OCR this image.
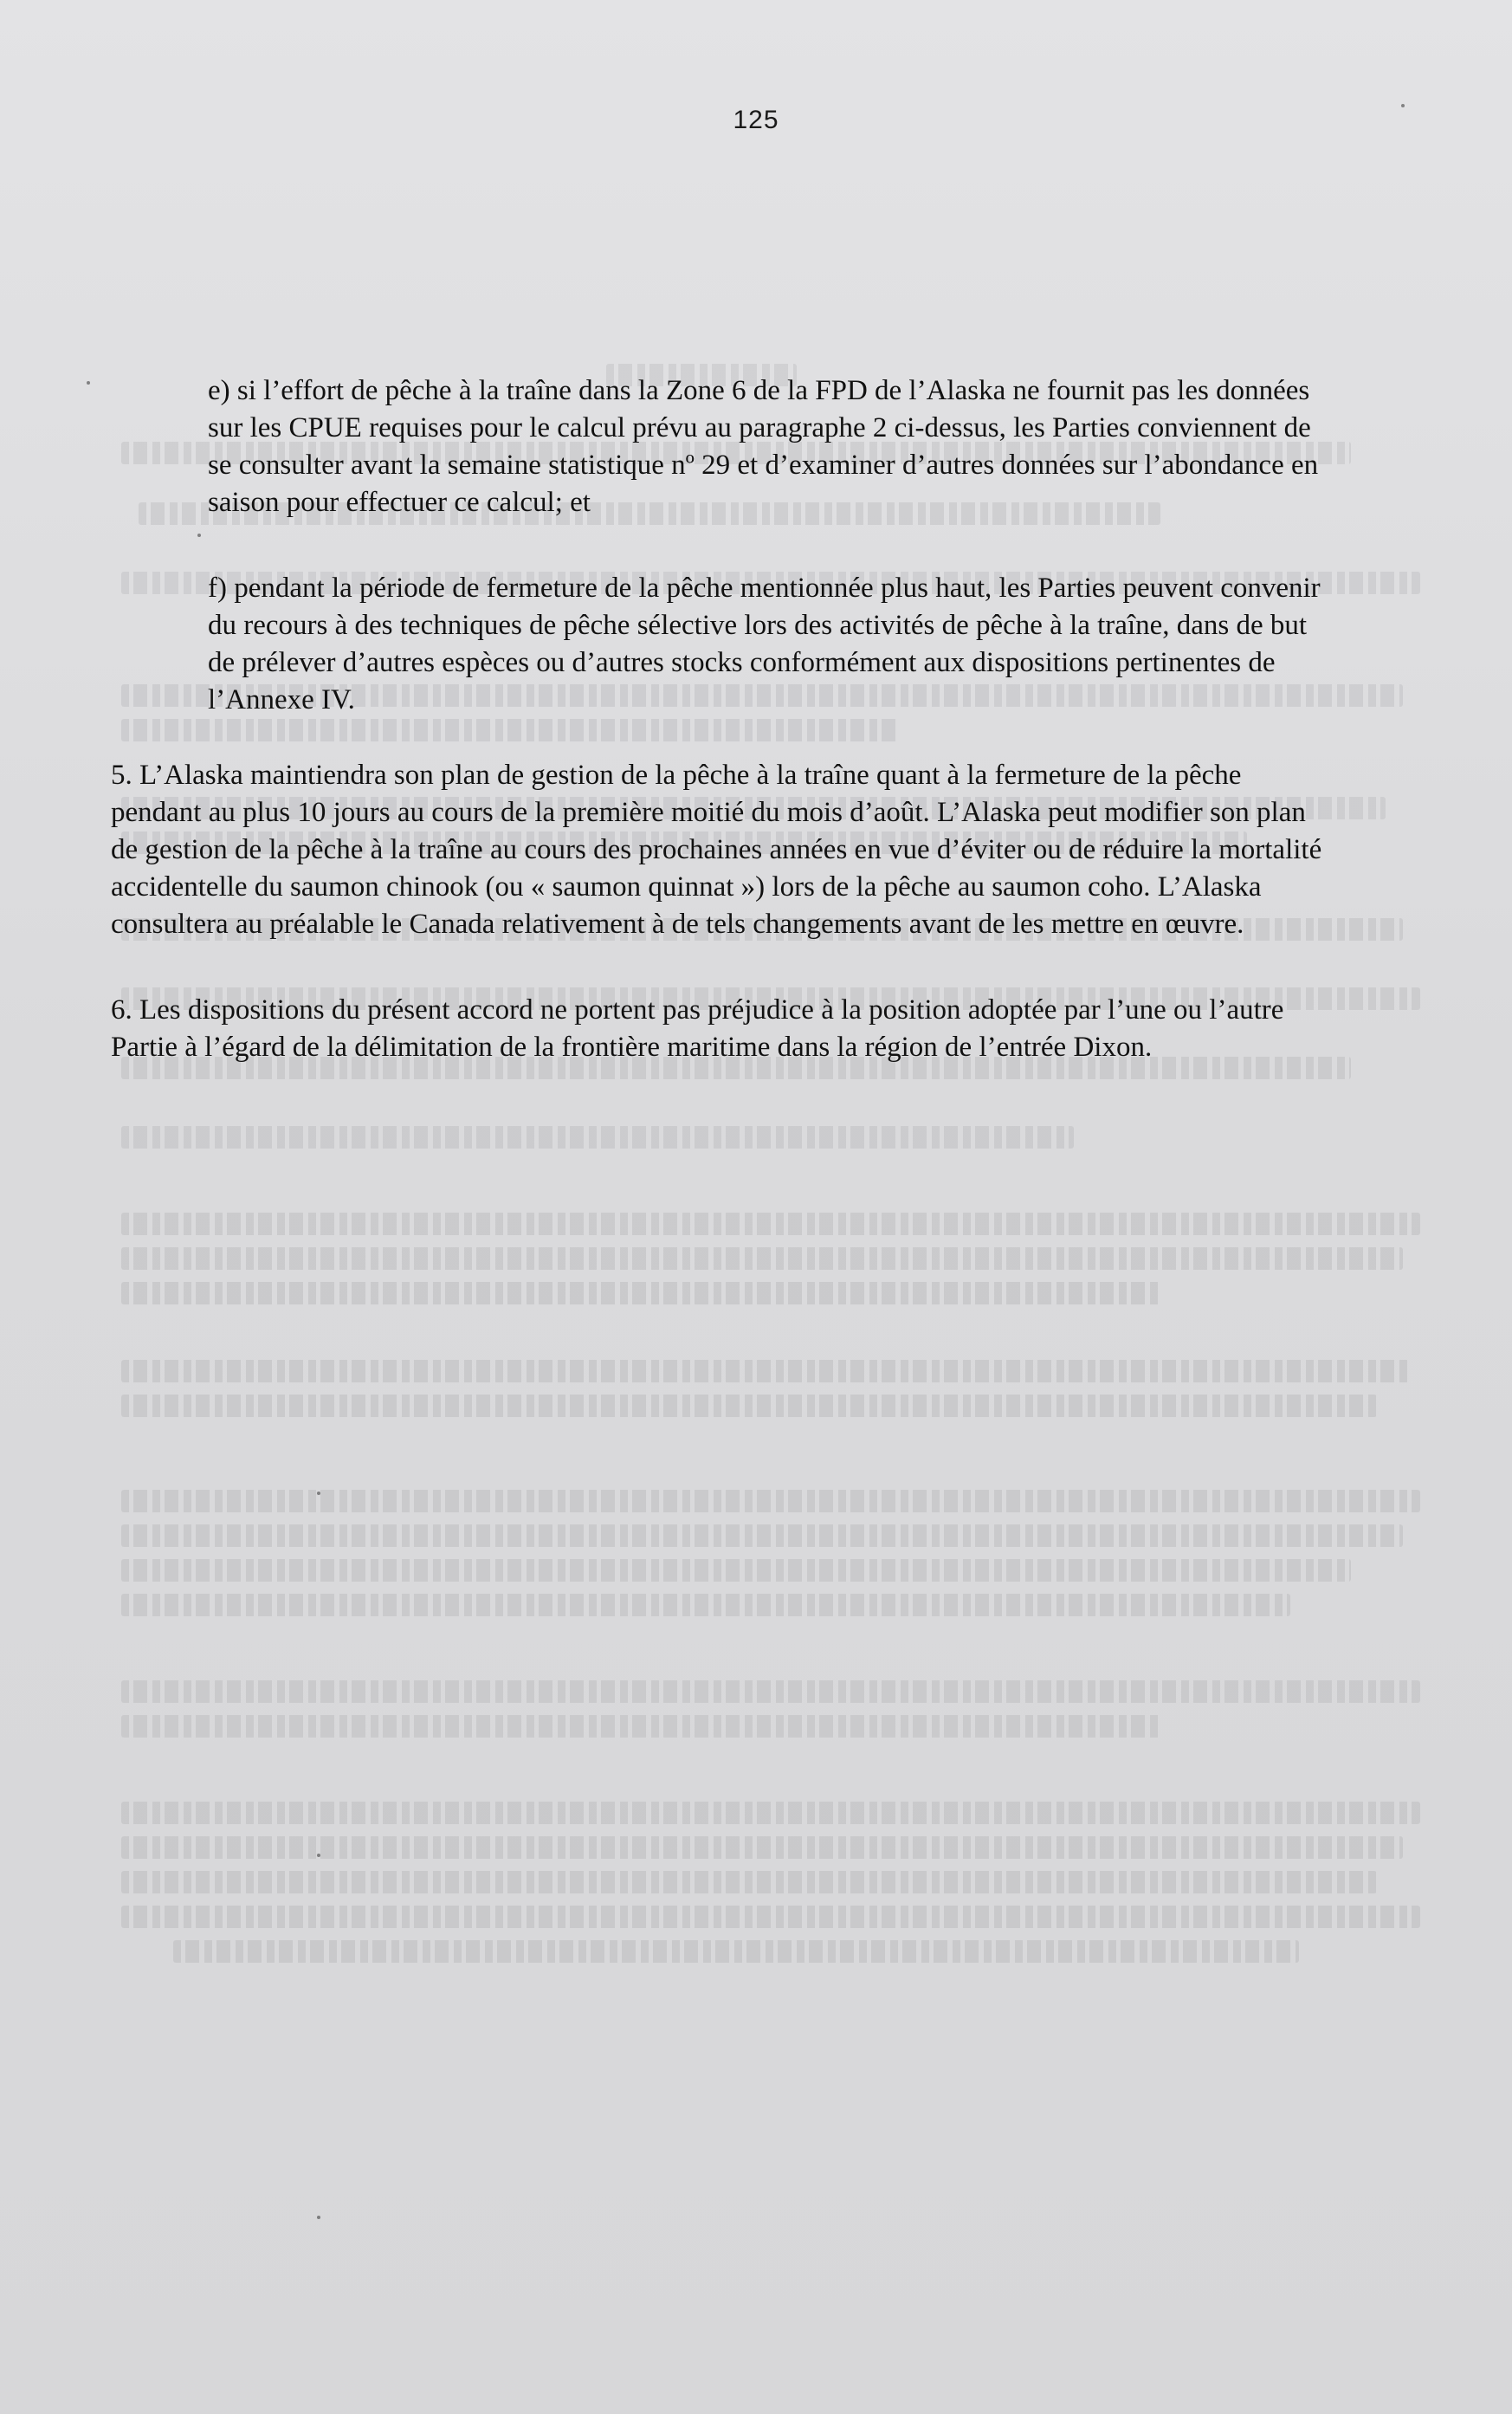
125

e) si l’effort de pêche à la traîne dans la Zone 6 de la FPD de l’Alaska ne fournit pas les données sur les CPUE requises pour le calcul prévu au paragraphe 2 ci-dessus, les Parties conviennent de se consulter avant la semaine statistique nº 29 et d’examiner d’autres données sur l’abondance en saison pour effectuer ce calcul; et

f) pendant la période de fermeture de la pêche mentionnée plus haut, les Parties peuvent convenir du recours à des techniques de pêche sélective lors des activités de pêche à la traîne, dans de but de prélever d’autres espèces ou d’autres stocks conformément aux dispositions pertinentes de l’Annexe IV.

5. L’Alaska maintiendra son plan de gestion de la pêche à la traîne quant à la fermeture de la pêche pendant au plus 10 jours au cours de la première moitié du mois d’août. L’Alaska peut modifier son plan de gestion de la pêche à la traîne au cours des prochaines années en vue d’éviter ou de réduire la mortalité accidentelle du saumon chinook (ou « saumon quinnat ») lors de la pêche au saumon coho. L’Alaska consultera au préalable le Canada relativement à de tels changements avant de les mettre en œuvre.

6. Les dispositions du présent accord ne portent pas préjudice à la position adoptée par l’une ou l’autre Partie à l’égard de la délimitation de la frontière maritime dans la région de l’entrée Dixon.
